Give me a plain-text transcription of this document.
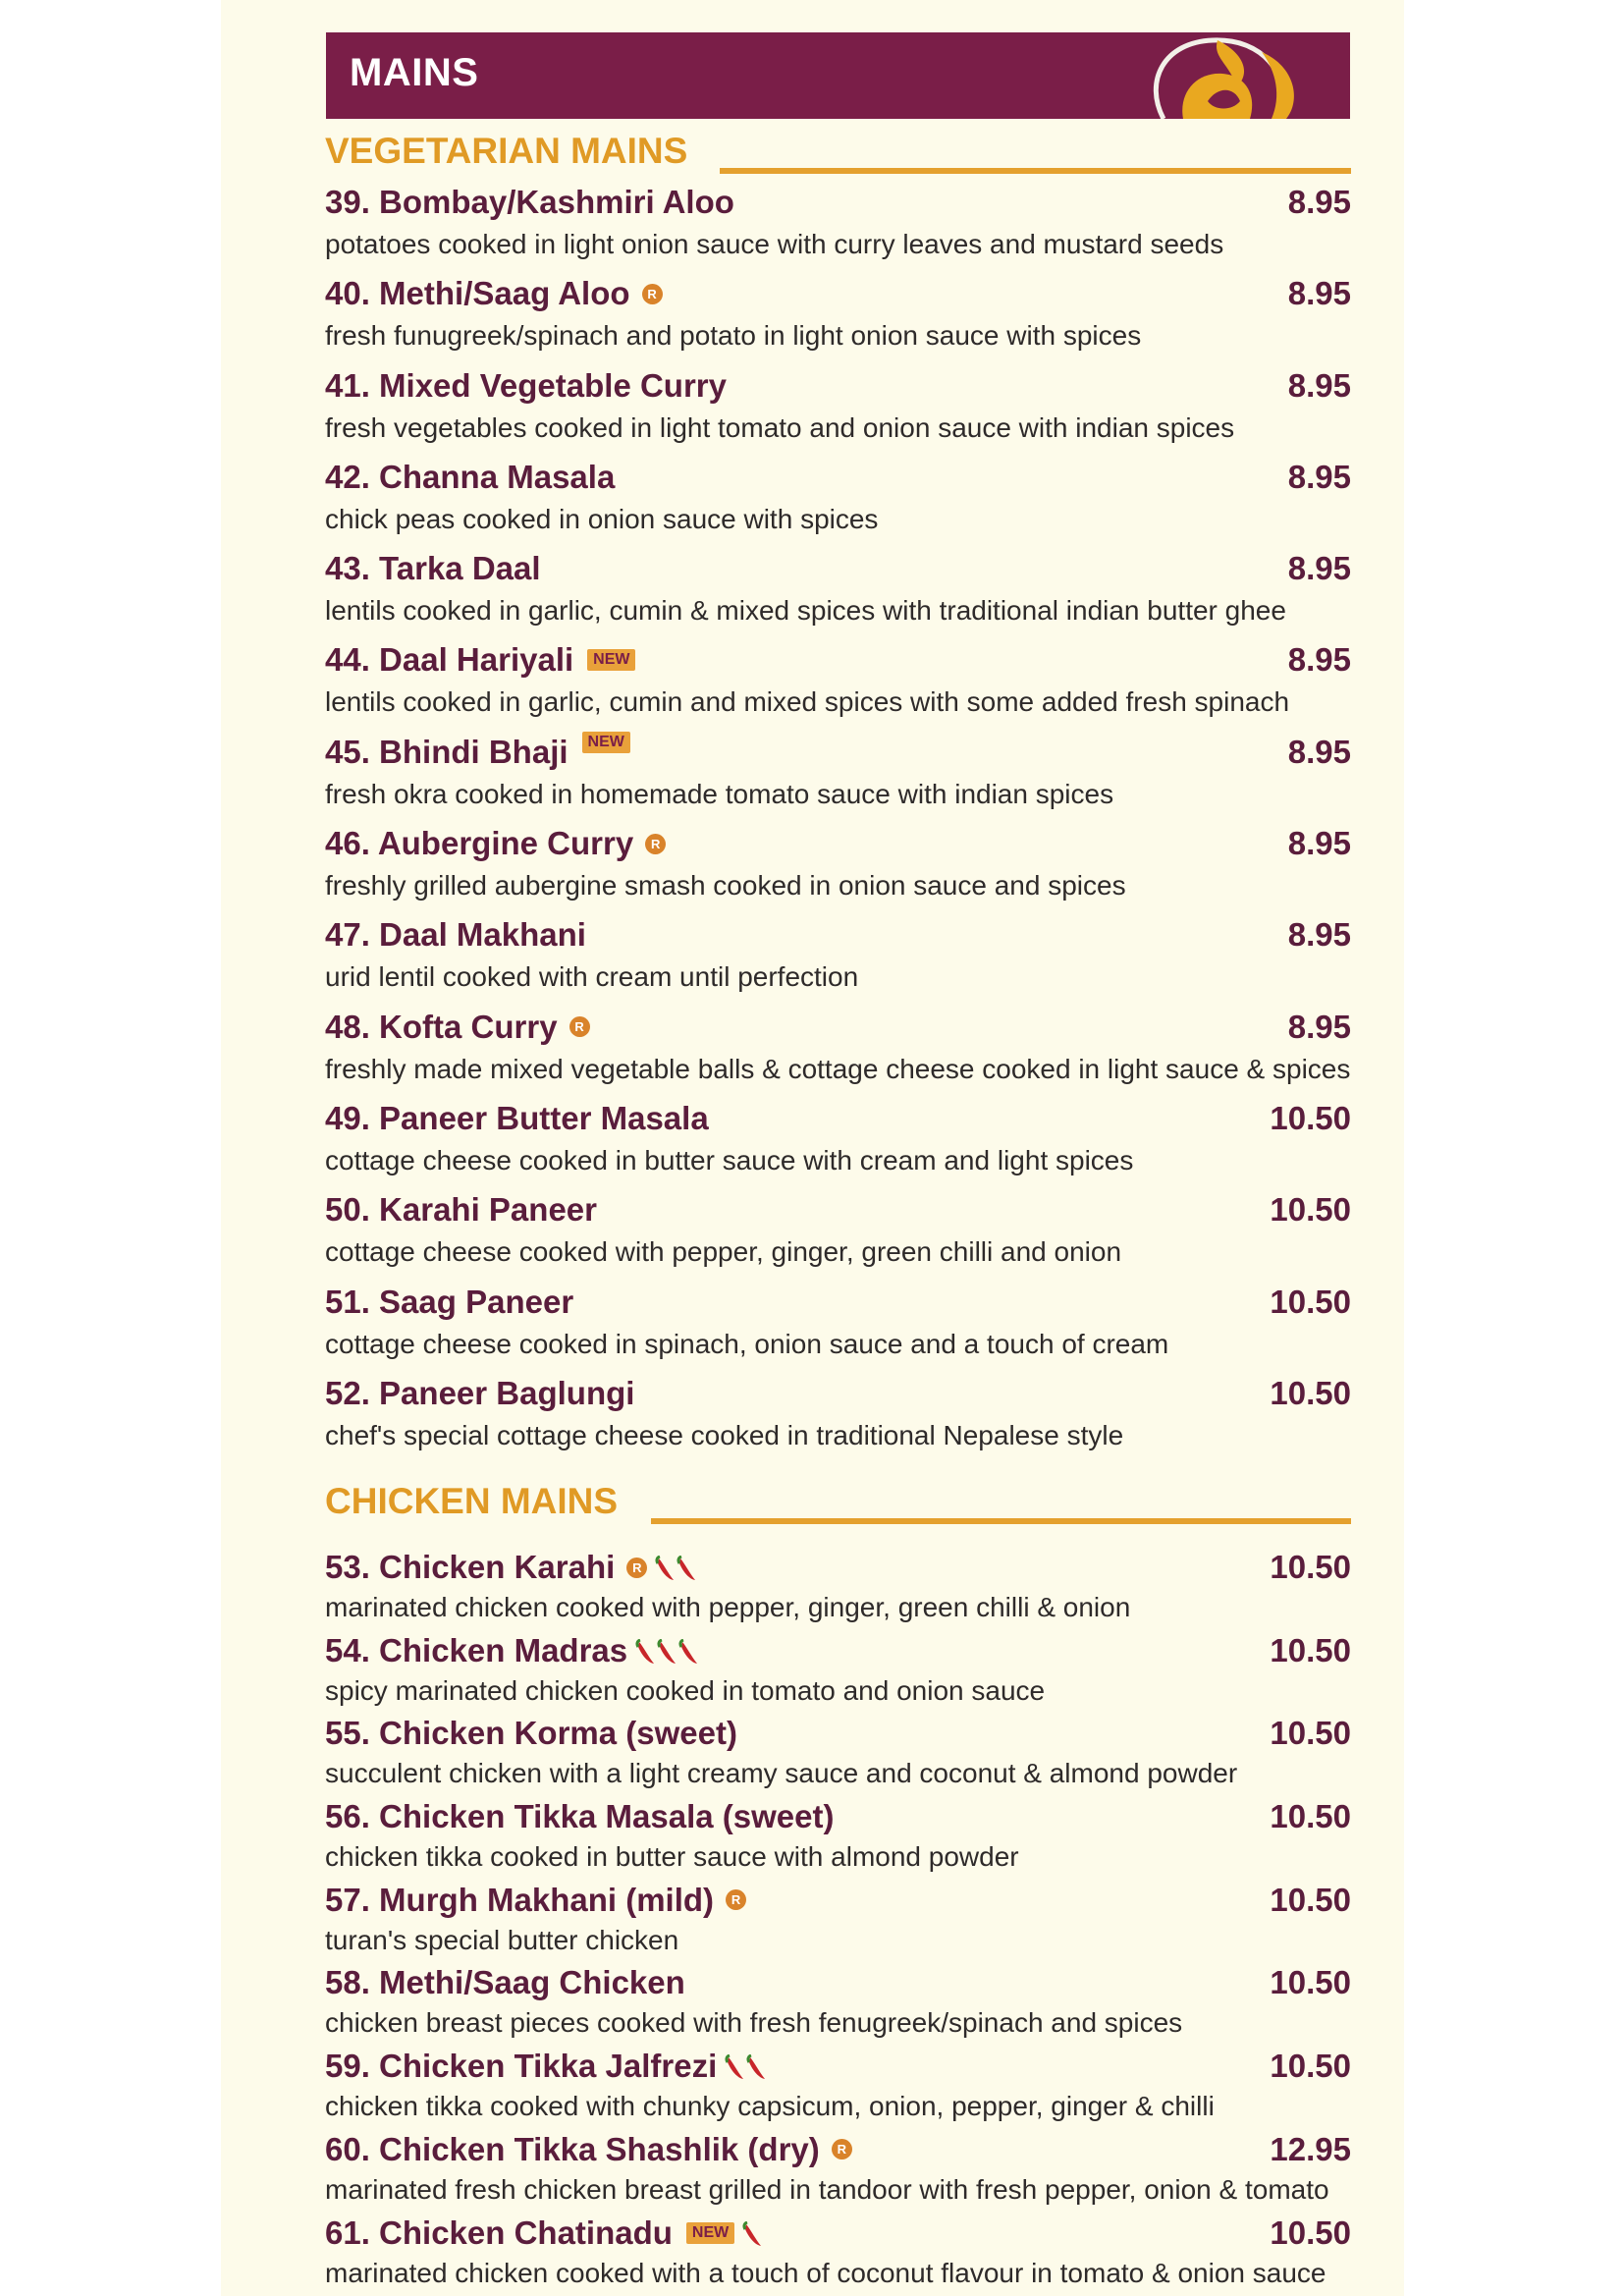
MAINS
VEGETARIAN MAINS
39. Bombay/Kashmiri Aloo	8.95
potatoes cooked in light onion sauce with curry leaves and mustard seeds
40. Methi/Saag Aloo	R	8.95
fresh funugreek/spinach and potato in light onion sauce with spices
41. Mixed Vegetable Curry	8.95
fresh vegetables cooked in light tomato and onion sauce with indian spices
42. Channa Masala	8.95
chick peas cooked in onion sauce with spices
43. Tarka Daal	8.95
lentils cooked in garlic, cumin & mixed spices with traditional indian butter ghee
44. Daal Hariyali	NEW	8.95
lentils cooked in garlic, cumin and mixed spices with some added fresh spinach
45. Bhindi Bhaji	NEW	8.95
fresh okra cooked in homemade tomato sauce with indian spices
46. Aubergine Curry	R	8.95
freshly grilled aubergine smash cooked in onion sauce and spices
47. Daal Makhani	8.95
urid lentil cooked with cream until perfection
48. Kofta Curry	R	8.95
freshly made mixed vegetable balls & cottage cheese cooked in light sauce & spices
49. Paneer Butter Masala	10.50
cottage cheese cooked in butter sauce with cream and light spices
50. Karahi Paneer	10.50
cottage cheese cooked with pepper, ginger, green chilli and onion
51. Saag Paneer	10.50
cottage cheese cooked in spinach, onion sauce and a touch of cream
52. Paneer Baglungi	10.50
chef's special cottage cheese cooked in traditional Nepalese style
CHICKEN MAINS
53. Chicken Karahi	R	10.50
marinated chicken cooked with pepper, ginger, green chilli & onion
54. Chicken Madras	10.50
spicy marinated chicken cooked in tomato and onion sauce
55. Chicken Korma (sweet)	10.50
succulent chicken with a light creamy sauce and coconut & almond powder
56. Chicken Tikka Masala (sweet)	10.50
chicken tikka cooked in butter sauce with almond powder
57. Murgh Makhani (mild)	R	10.50
turan's special butter chicken
58. Methi/Saag Chicken	10.50
chicken breast pieces cooked with fresh fenugreek/spinach and spices
59. Chicken Tikka Jalfrezi	10.50
chicken tikka cooked with chunky capsicum, onion, pepper, ginger & chilli
60. Chicken Tikka Shashlik (dry)	R	12.95
marinated fresh chicken breast grilled in tandoor with fresh pepper, onion & tomato
61. Chicken Chatinadu	NEW	10.50
marinated chicken cooked with a touch of coconut flavour in tomato & onion sauce
